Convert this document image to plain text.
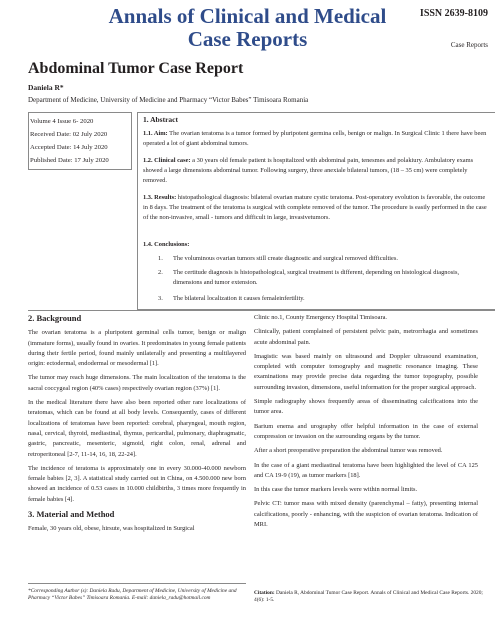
Annals of Clinical and Medical
Case Reports
ISSN 2639-8109
Case Reports
Abdominal Tumor Case Report
Daniela R*
Department of Medicine, University of Medicine and Pharmacy “Victor Babes” Timisoara Romania
Volume 4 Issue 6- 2020
Received Date: 02 July 2020
Accepted Date: 14 July 2020
Published Date: 17 July 2020
1. Abstract
1.1. Aim: The ovarian teratoma is a tumor formed by pluripotent germina cells, benign or malign. In Surgical Clinic 1 there have been operated a lot of giant abdominal tumors.
1.2. Clinical case: a 30 years old female patient is hospitalized with abdominal pain, tenesmes and polakiury. Ambulatory exams showed a large dimensions abdominal tumor. Following surgery, three anexiale bilateral tumors, (18 – 35 cm) were completely removed.
1.3. Results: histopathological diagnosis: bilateral ovarian mature cystic teratoma. Post-operatory evolution is favorable, the outcome in 8 days. The treatment of the teratoma is surgical with complete removed of the tumor. The procedure is easily performed in the case of the non-invasive, small - tumors and difficult in large, invasivetumors.
1.4. Conclusions:
1. The voluminous ovarian tumors still create diagnostic and surgical removed difficulties.
2. The certitude diagnosis is histopathological, surgical treatment is different, depending on histological diagnosis, dimensions and tumor extension.
3. The bilateral localization it causes femaleinfertility.
2. Background

The ovarian teratoma is a pluripotent germinal cells tumor, benign or malign (immature forms), usually found in ovaries. It predominates in young female patients during their fertile period, found mainly unilaterally and presenting a multilayered origin: ectodermal, endodermal or mesodermal [1].

The tumor may reach huge dimensions. The main localization of the teratoma is the sacral coccygeal region (40% cases) respectively ovarian region (37%) [1].

In the medical literature there have also been reported other rare localizations of teratomas, which can be found at all body levels. Consequently, cases of different localizations of teratomas have been reported: cerebral, pharyngeal, mouth region, nasal, cervical, thyroid, mediastinal, thymus, pericardial, pulmonary, diaphragmatic, gastric, pancreatic, mesenteric, sigmoid, right colon, renal, adrenal and retroperitoneal [2-7, 11-14, 16, 18, 22-24].

The incidence of teratoma is approximately one in every 30.000-40.000 newborn female babies [2, 3]. A statistical study carried out in China, on 4.500.000 new born showed an incidence of 0.53 cases in 10.000 childbirths, 3 times more frequently in female babies [4].

3. Material and Method

Female, 30 years old, obese, hirsute, was hospitalized in Surgical

Clinic no.1, County Emergency Hospital Timisoara.

Clinically, patient complained of persistent pelvic pain, metrorrhagia and sometimes acute abdominal pain.

Imagistic was based mainly on ultrasound and Doppler ultrasound examination, completed with computer tomography and magnetic resonance imaging. These examinations may provide precise data regarding the tumor topography, possible surrounding invasion, dimensions, useful information for the proper surgical approach.

Simple radiography shows frequently areas of disseminating calcifications into the tumor area.

Barium enema and urography offer helpful information in the case of external compression or invasion on the surrounding organs by the tumor.

After a short preoperative preparation the abdominal tumor was removed.

In the case of a giant mediastinal teratoma have been highlighted the level of CA 125 and CA 19-9 (19), as tumor markers [18].

In this case the tumor markers levels were within normal limits.

Pelvic CT: tumor mass with mixed density (parenchymal – fatty), presenting internal calcifications, poorly - enhancing, with the suspicion of ovarian teratoma. Indication of MRI.

*Corresponding Author (s): Daniela Radu, Department of Medicine, University of Medicine and Pharmacy “Victor Babes” Timisoara Romania. E-mail: daniela_radu@hotmail.com
Citation: Daniela R, Abdominal Tumor Case Report. Annals of Clinical and Medical Case Reports. 2020; 4(6): 1-5.
